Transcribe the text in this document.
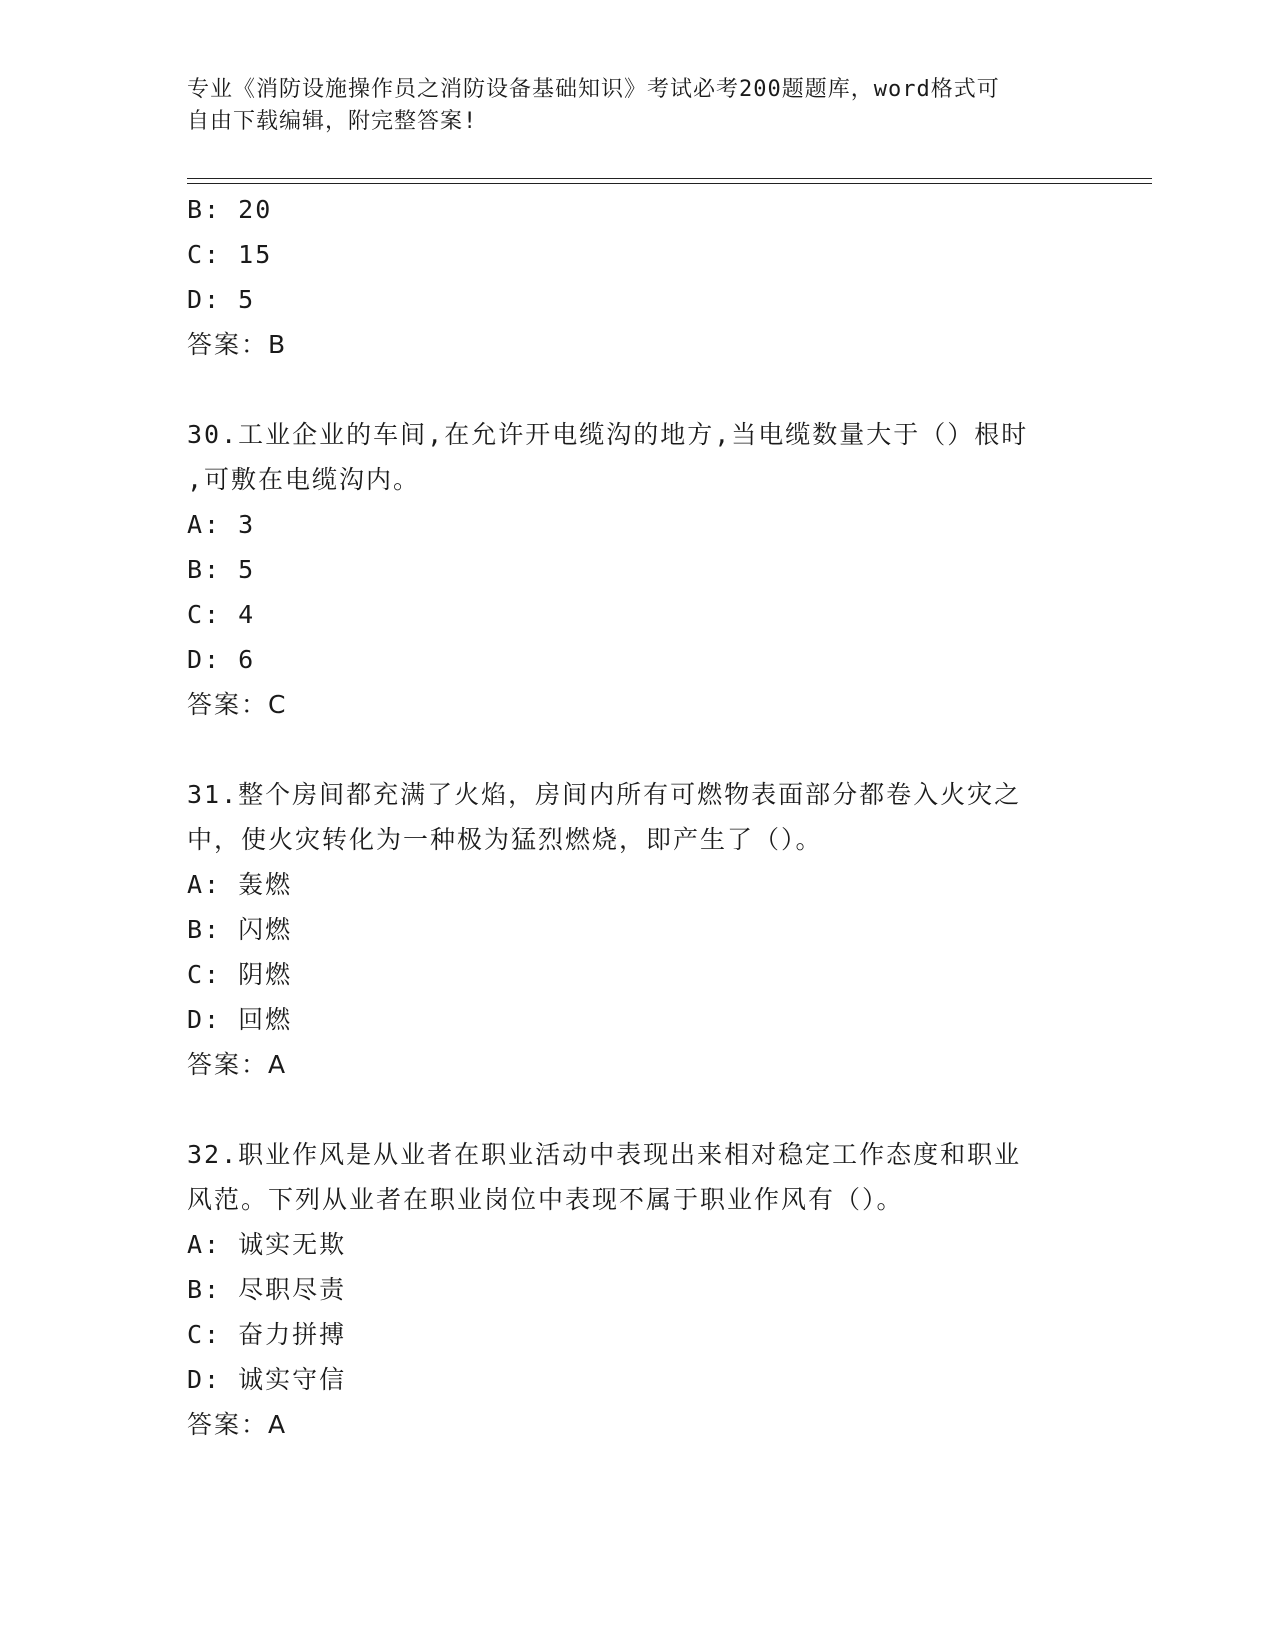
专业《消防设施操作员之消防设备基础知识》考试必考200题题库，word格式可
自由下载编辑，附完整答案!
B: 20
C: 15
D: 5
答案：B
30.工业企业的车间,在允许开电缆沟的地方,当电缆数量大于（）根时
,可敷在电缆沟内。
A: 3
B: 5
C: 4
D: 6
答案：C
31.整个房间都充满了火焰，房间内所有可燃物表面部分都卷入火灾之
中，使火灾转化为一种极为猛烈燃烧，即产生了（）。
A: 轰燃
B: 闪燃
C: 阴燃
D: 回燃
答案：A
32.职业作风是从业者在职业活动中表现出来相对稳定工作态度和职业
风范。下列从业者在职业岗位中表现不属于职业作风有（）。
A: 诚实无欺
B: 尽职尽责
C: 奋力拼搏
D: 诚实守信
答案：A
